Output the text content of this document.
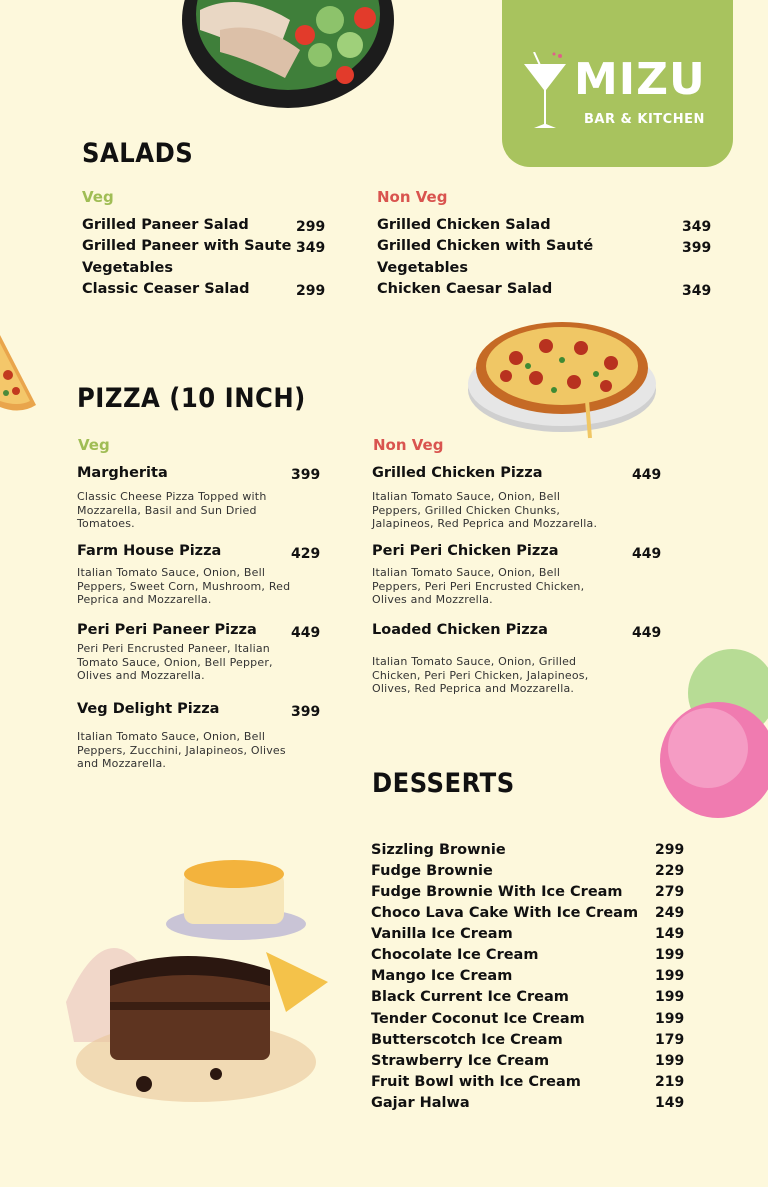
MIZU
BAR & KITCHEN
SALADS
Veg	Non Veg
Grilled Paneer Salad	299
Grilled Paneer with Saute
Vegetables
349
Classic Ceaser Salad	299
Grilled Chicken Salad	349
Grilled Chicken with Sauté
Vegetables
399
Chicken Caesar Salad	349
PIZZA (10 INCH)
Veg	Non Veg
Margherita	399
Classic Cheese Pizza Topped with Mozzarella, Basil and Sun Dried Tomatoes.
Farm House Pizza	429
Italian Tomato Sauce, Onion, Bell Peppers, Sweet Corn, Mushroom, Red Peprica and Mozzarella.
Peri Peri Paneer Pizza 449
Peri Peri Encrusted Paneer, Italian Tomato Sauce, Onion, Bell Pepper, Olives and Mozzarella.
Veg Delight Pizza	399
Italian Tomato Sauce, Onion, Bell Peppers, Zucchini, Jalapineos, Olives and Mozzarella.
Grilled Chicken Pizza	449
Italian Tomato Sauce, Onion, Bell Peppers, Grilled Chicken Chunks, Jalapineos, Red Peprica and Mozzarella.
Peri Peri Chicken Pizza	449
Italian Tomato Sauce, Onion, Bell Peppers, Peri Peri Encrusted Chicken, Olives and Mozzrella.
Loaded Chicken Pizza	449
Italian Tomato Sauce, Onion, Grilled Chicken, Peri Peri Chicken, Jalapineos, Olives, Red Peprica and Mozzarella.
DESSERTS
Sizzling Brownie	299
Fudge Brownie	229
Fudge Brownie With Ice Cream 279
Choco Lava Cake With Ice Cream 249
Vanilla Ice Cream	149
Chocolate Ice Cream	199
Mango Ice Cream	199
Black Current Ice Cream	199
Tender Coconut Ice Cream	199
Butterscotch Ice Cream	179
Strawberry Ice Cream	199
Fruit Bowl with Ice Cream	219
Gajar Halwa	149
